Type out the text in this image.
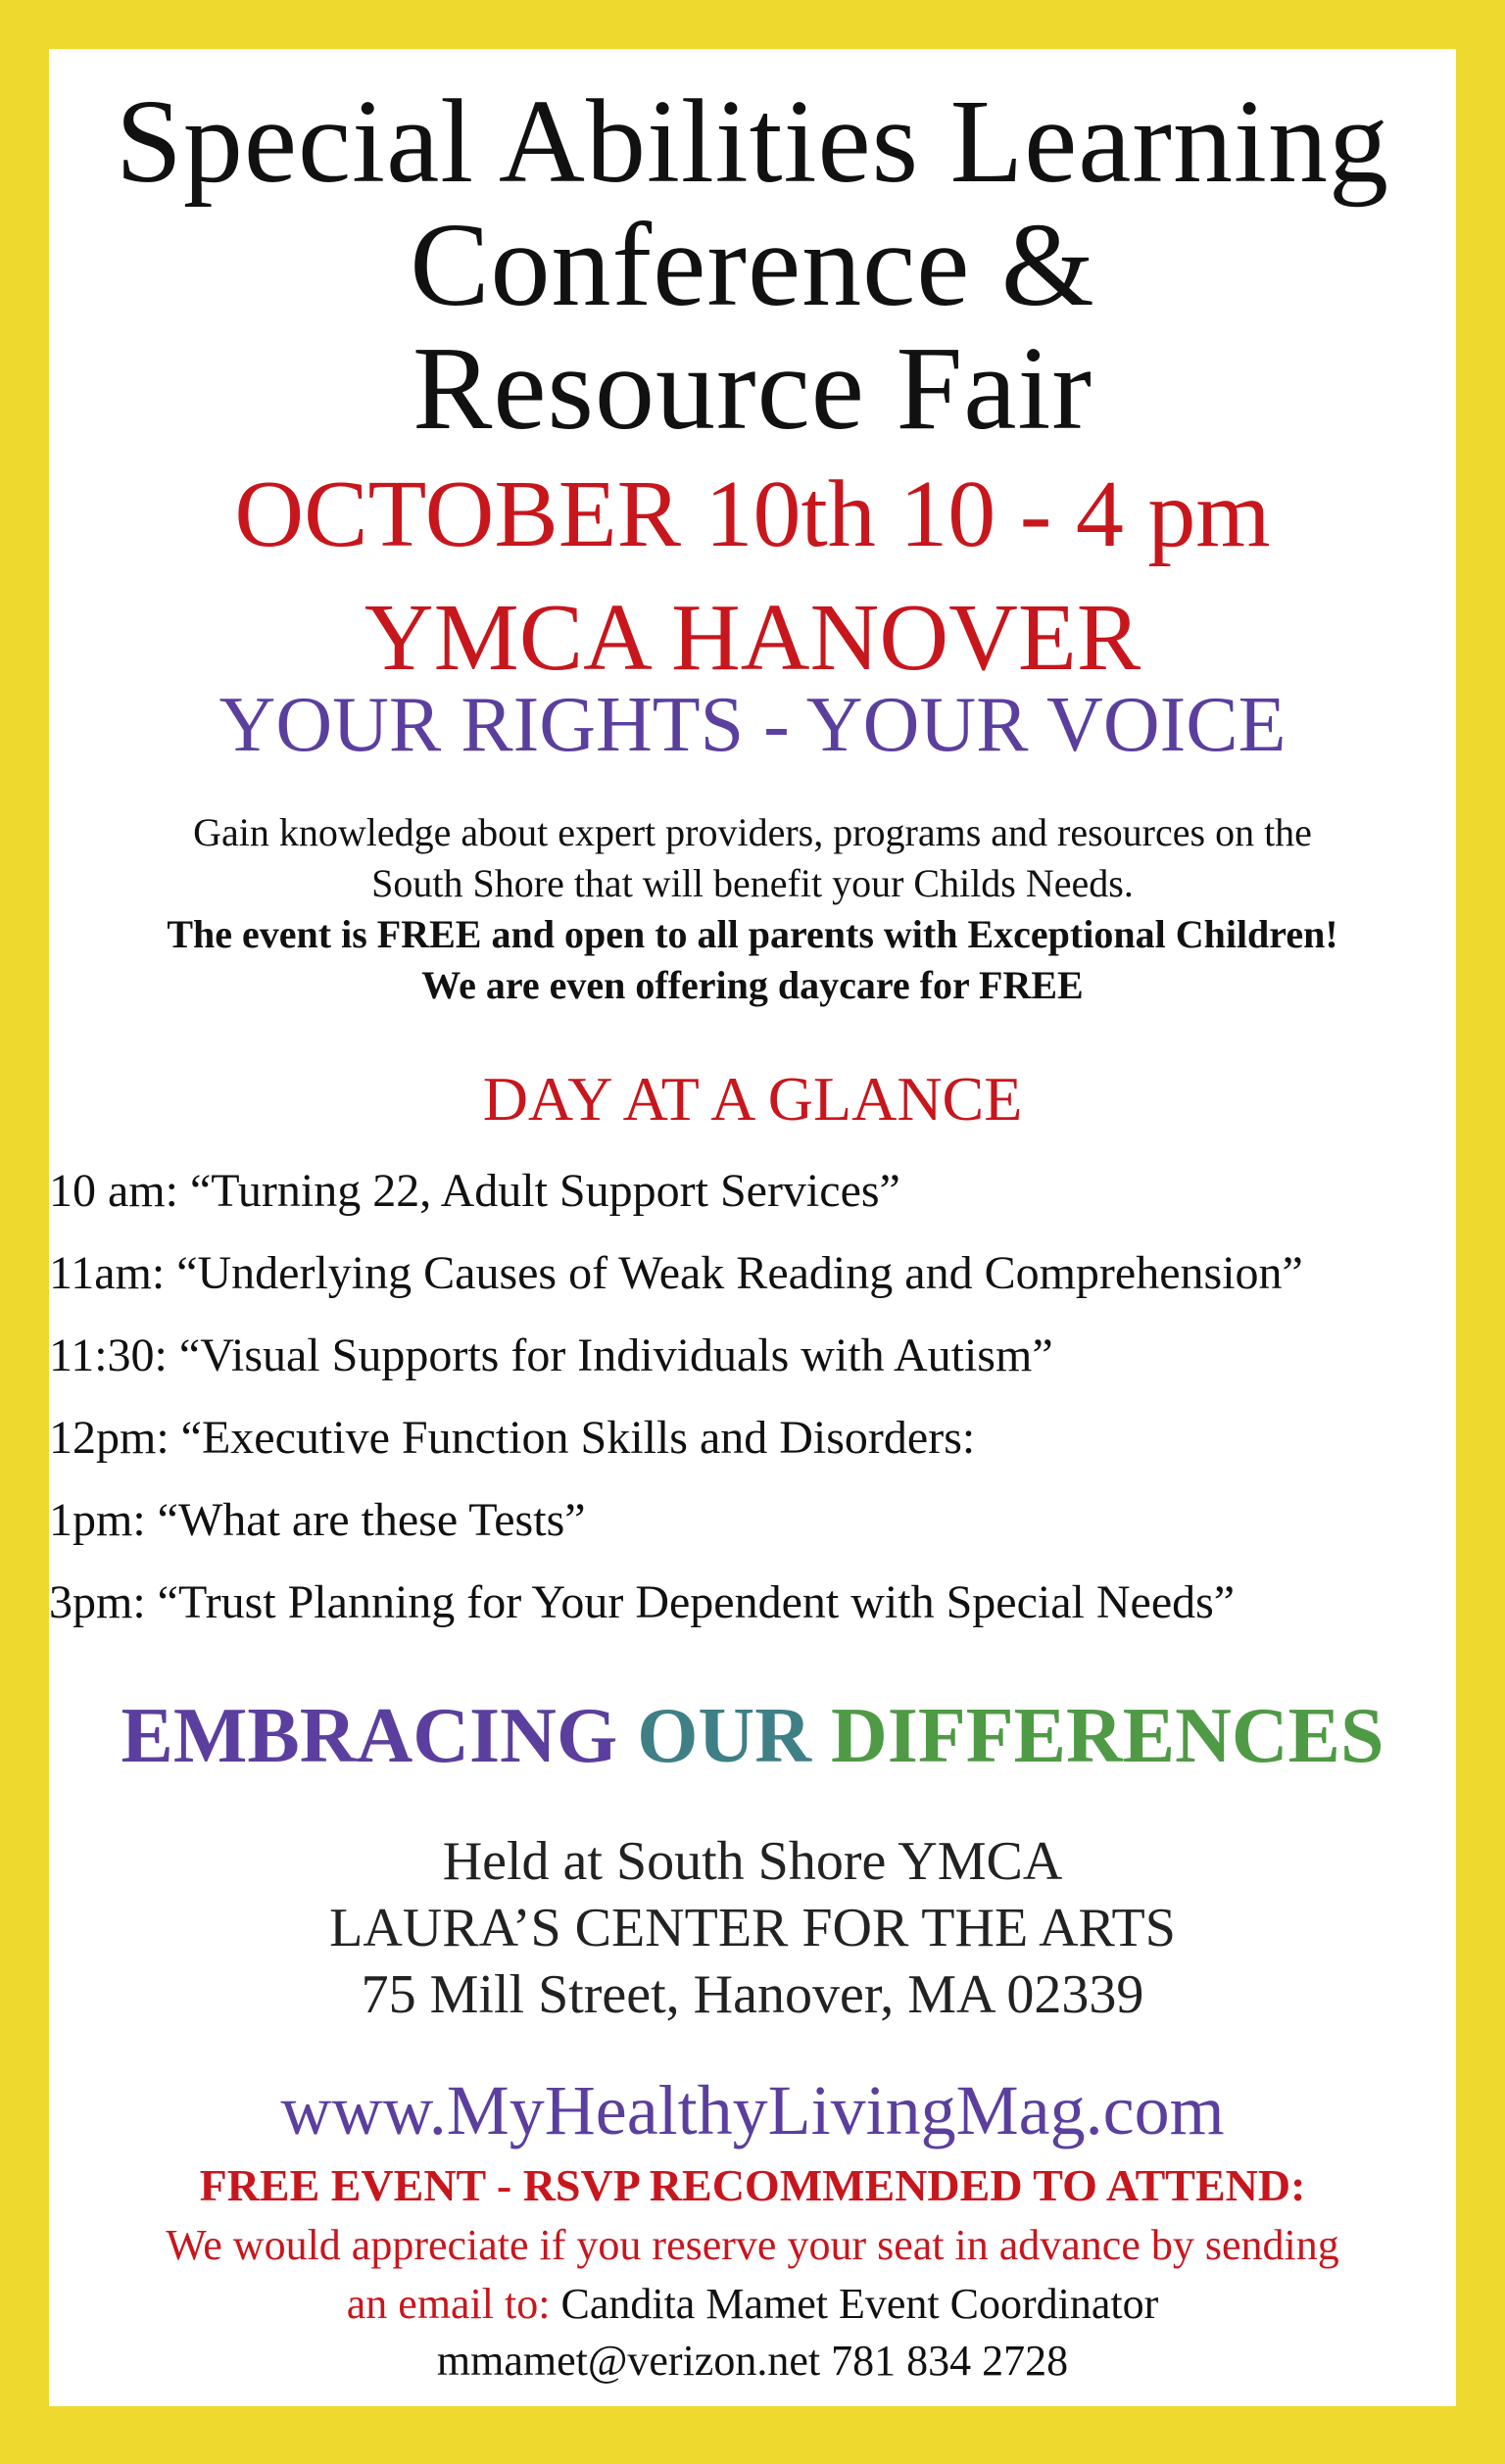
Special Abilities Learning
Conference &
Resource Fair
OCTOBER 10th 10 - 4 pm
YMCA HANOVER
YOUR RIGHTS - YOUR VOICE
Gain knowledge about expert providers, programs and resources on the
South Shore that will benefit your Childs Needs.
The event is FREE and open to all parents with Exceptional Children!
We are even offering daycare for FREE
DAY AT A GLANCE
10 am: “Turning 22, Adult Support Services”
11am: “Underlying Causes of Weak Reading and Comprehension”
11:30: “Visual Supports for Individuals with Autism”
12pm: “Executive Function Skills and Disorders:
1pm: “What are these Tests”
3pm: “Trust Planning for Your Dependent with Special Needs”
EMBRACING OUR DIFFERENCES
Held at South Shore YMCA
LAURA’S CENTER FOR THE ARTS
75 Mill Street, Hanover, MA 02339
www.MyHealthyLivingMag.com
FREE EVENT - RSVP RECOMMENDED TO ATTEND:
We would appreciate if you reserve your seat in advance by sending
an email to: Candita Mamet Event Coordinator
mmamet@verizon.net 781 834 2728
